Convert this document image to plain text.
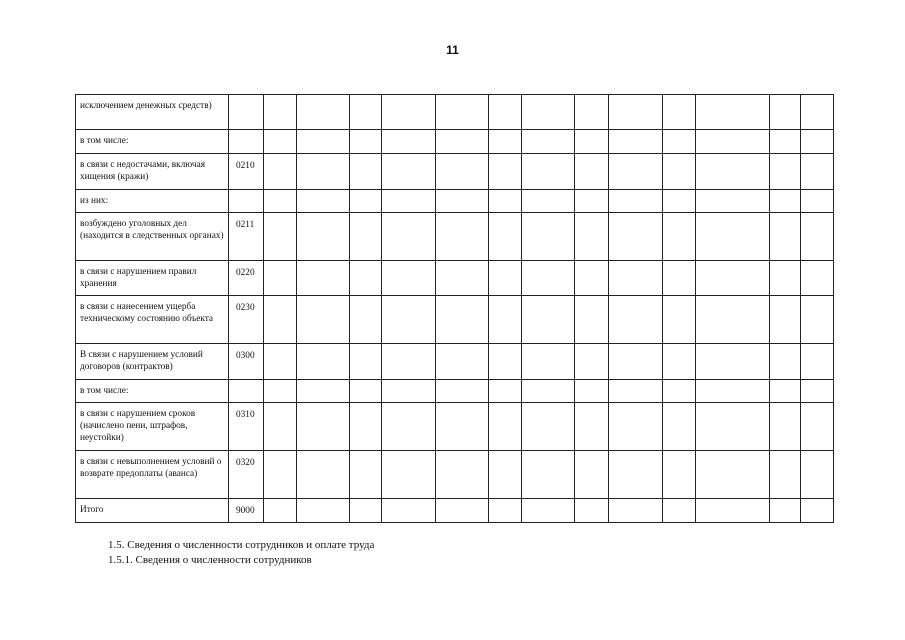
11
исключением денежных средств)														
в том числе:														
в связи с недостачами, включая хищения (кражи)	0210													
из них:														
возбуждено уголовных дел (находится в следственных органах)	0211													
в связи с нарушением правил хранения	0220													
в связи с нанесением ущерба техническому состоянию объекта	0230													
В связи с нарушением условий договоров (контрактов)	0300													
в том числе:														
в связи с нарушением сроков (начислено пени, штрафов, неустойки)	0310													
в связи с невыполнением условий о возврате предоплаты (аванса)	0320													
Итого	9000													
1.5. Сведения о численности сотрудников и оплате труда
1.5.1. Сведения о численности сотрудников
